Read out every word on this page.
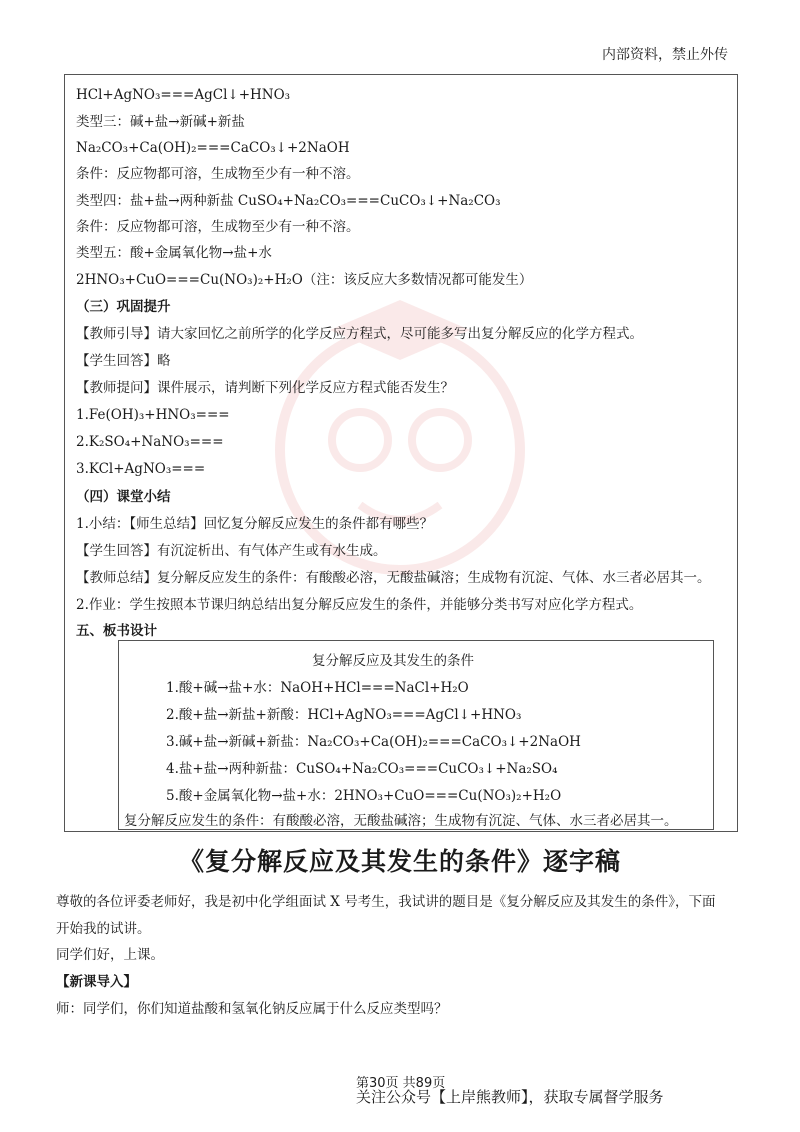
内部资料，禁止外传
HCl+AgNO₃===AgCl↓+HNO₃
类型三：碱+盐→新碱+新盐
Na₂CO₃+Ca(OH)₂===CaCO₃↓+2NaOH
条件：反应物都可溶，生成物至少有一种不溶。
类型四：盐+盐→两种新盐 CuSO₄+Na₂CO₃===CuCO₃↓+Na₂CO₃
条件：反应物都可溶，生成物至少有一种不溶。
类型五：酸+金属氧化物→盐+水
2HNO₃+CuO===Cu(NO₃)₂+H₂O（注：该反应大多数情况都可能发生）
（三）巩固提升
【教师引导】请大家回忆之前所学的化学反应方程式，尽可能多写出复分解反应的化学方程式。
【学生回答】略
【教师提问】课件展示，请判断下列化学反应方程式能否发生？
1.Fe(OH)₃+HNO₃===
2.K₂SO₄+NaNO₃===
3.KCl+AgNO₃===
（四）课堂小结
1.小结：【师生总结】回忆复分解反应发生的条件都有哪些？
【学生回答】有沉淀析出、有气体产生或有水生成。
【教师总结】复分解反应发生的条件：有酸酸必溶，无酸盐碱溶；生成物有沉淀、气体、水三者必居其一。
2.作业：学生按照本节课归纳总结出复分解反应发生的条件，并能够分类书写对应化学方程式。
五、板书设计
复分解反应及其发生的条件
1.酸+碱→盐+水：NaOH+HCl===NaCl+H₂O
2.酸+盐→新盐+新酸：HCl+AgNO₃===AgCl↓+HNO₃
3.碱+盐→新碱+新盐：Na₂CO₃+Ca(OH)₂===CaCO₃↓+2NaOH
4.盐+盐→两种新盐：CuSO₄+Na₂CO₃===CuCO₃↓+Na₂SO₄
5.酸+金属氧化物→盐+水：2HNO₃+CuO===Cu(NO₃)₂+H₂O
复分解反应发生的条件：有酸酸必溶，无酸盐碱溶；生成物有沉淀、气体、水三者必居其一。
《复分解反应及其发生的条件》逐字稿
尊敬的各位评委老师好，我是初中化学组面试 X 号考生，我试讲的题目是《复分解反应及其发生的条件》，下面
开始我的试讲。
同学们好，上课。
【新课导入】
师：同学们，你们知道盐酸和氢氧化钠反应属于什么反应类型吗？
第30页 共89页
关注公众号【上岸熊教师】，获取专属督学服务
